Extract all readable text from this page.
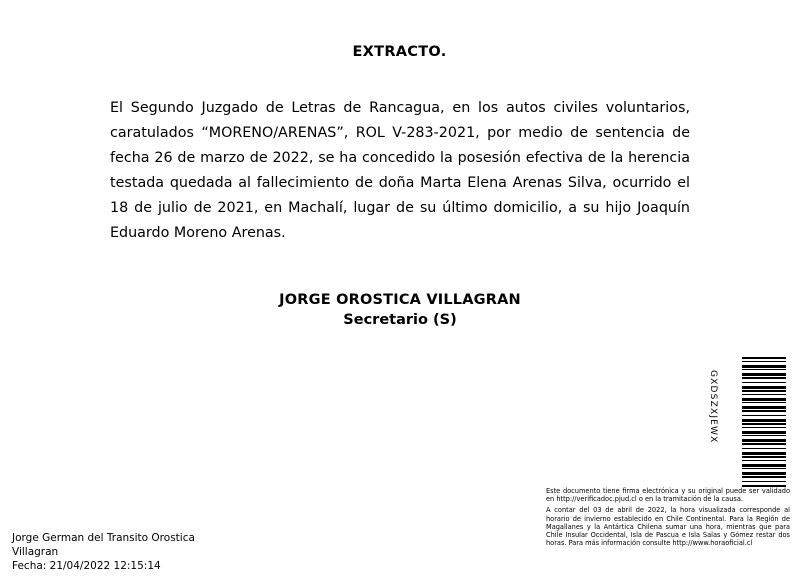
EXTRACTO.

El Segundo Juzgado de Letras de Rancagua, en los autos civiles voluntarios, caratulados “MORENO/ARENAS”, ROL V-283-2021, por medio de sentencia de fecha 26 de marzo de 2022, se ha concedido la posesión efectiva de la herencia testada quedada al fallecimiento de doña Marta Elena Arenas Silva, ocurrido el 18 de julio de 2021, en Machalí, lugar de su último domicilio, a su hijo Joaquín Eduardo Moreno Arenas.

JORGE OROSTICA VILLAGRAN
Secretario (S)
GXDSZXJEWX

Este documento tiene firma electrónica y su original puede ser validado en http://verificadoc.pjud.cl o en la tramitación de la causa.

A contar del 03 de abril de 2022, la hora visualizada corresponde al horario de invierno establecido en Chile Continental. Para la Región de Magallanes y la Antártica Chilena sumar una hora, mientras que para Chile Insular Occidental, Isla de Pascua e Isla Salas y Gómez restar dos horas. Para más información consulte http://www.horaoficial.cl

Jorge German del Transito Orostica
Villagran
Fecha: 21/04/2022 12:15:14
